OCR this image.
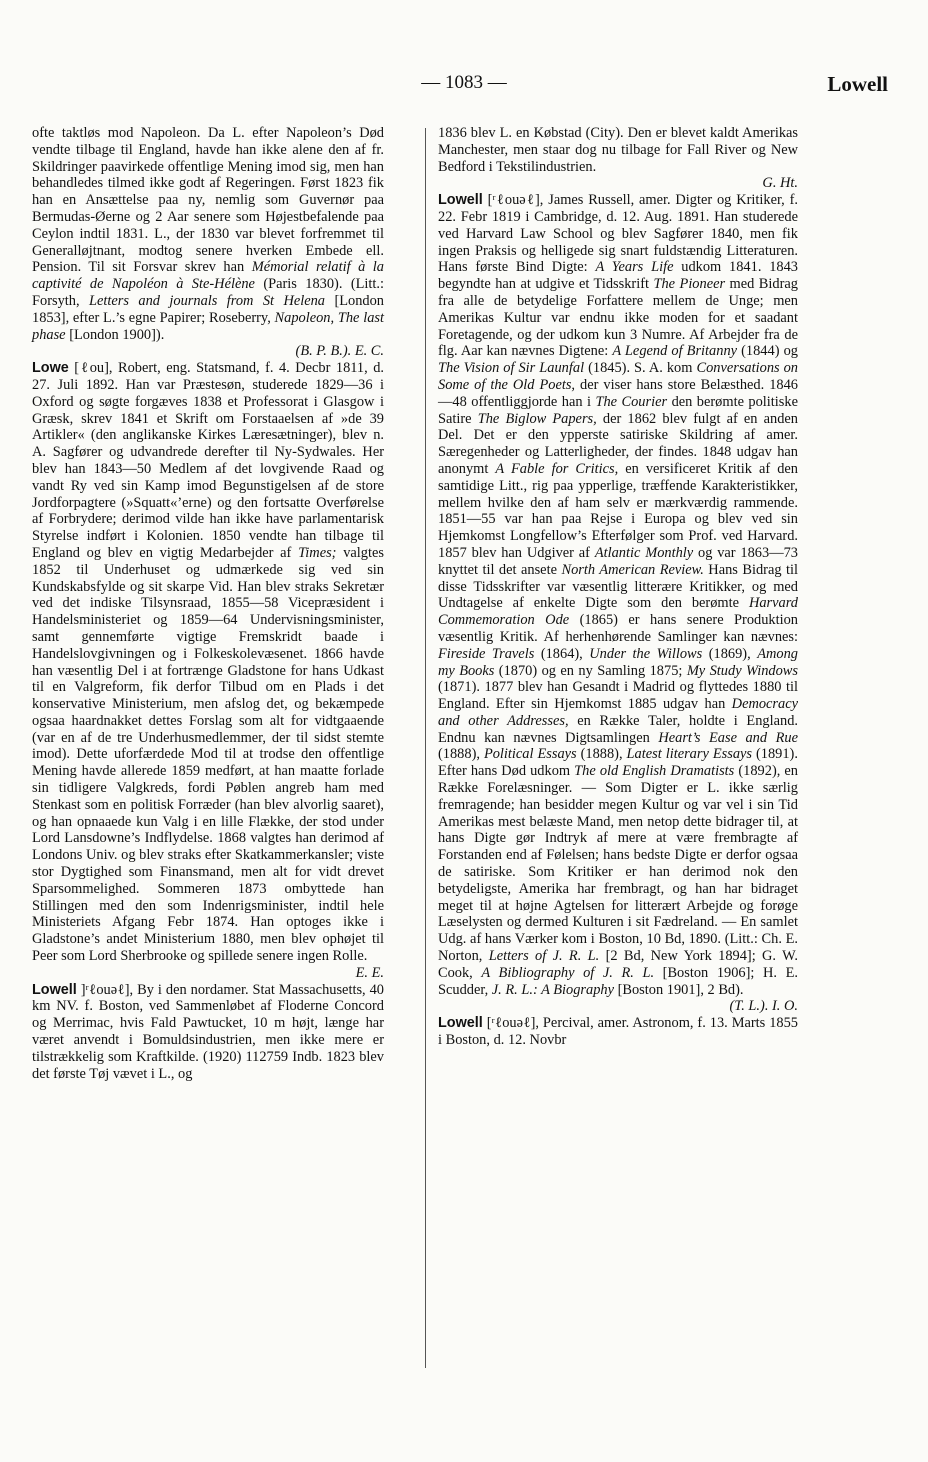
— 1083 —	Lowell

ofte taktløs mod Napoleon. Da L. efter Napoleon’s Død vendte tilbage til England, havde han ikke alene den af fr. Skildringer paavirkede offentlige Mening imod sig, men han behandledes tilmed ikke godt af Regeringen. Først 1823 fik han en Ansættelse paa ny, nemlig som Guvernør paa Bermudas-Øerne og 2 Aar senere som Højestbefalende paa Ceylon indtil 1831. L., der 1830 var blevet forfremmet til Generalløjtnant, modtog senere hverken Embede ell. Pension. Til sit Forsvar skrev han Mémorial relatif à la captivité de Napoléon à Ste-Hélène (Paris 1830). (Litt.: Forsyth, Letters and journals from St Helena [London 1853], efter L.’s egne Papirer; Roseberry, Napoleon, The last phase [London 1900]).

(B. P. B.). E. C.

Lowe [ℓou], Robert, eng. Statsmand, f. 4. Decbr 1811, d. 27. Juli 1892. Han var Præstesøn, studerede 1829—36 i Oxford og søgte forgæves 1838 et Professorat i Glasgow i Græsk, skrev 1841 et Skrift om Forstaaelsen af »de 39 Artikler« (den anglikanske Kirkes Læresætninger), blev n. A. Sagfører og udvandrede derefter til Ny-Sydwales. Her blev han 1843—50 Medlem af det lovgivende Raad og vandt Ry ved sin Kamp imod Begunstigelsen af de store Jordforpagtere (»Squatt«’erne) og den fortsatte Overførelse af Forbrydere; derimod vilde han ikke have parlamentarisk Styrelse indført i Kolonien. 1850 vendte han tilbage til England og blev en vigtig Medarbejder af Times; valgtes 1852 til Underhuset og udmærkede sig ved sin Kundskabsfylde og sit skarpe Vid. Han blev straks Sekretær ved det indiske Tilsynsraad, 1855—58 Vicepræsident i Handelsministeriet og 1859—64 Undervisningsminister, samt gennemførte vigtige Fremskridt baade i Handelslovgivningen og i Folkeskolevæsenet. 1866 havde han væsentlig Del i at fortrænge Gladstone for hans Udkast til en Valgreform, fik derfor Tilbud om en Plads i det konservative Ministerium, men afslog det, og bekæmpede ogsaa haardnakket dettes Forslag som alt for vidtgaaende (var en af de tre Underhusmedlemmer, der til sidst stemte imod). Dette uforfærdede Mod til at trodse den offentlige Mening havde allerede 1859 medført, at han maatte forlade sin tidligere Valgkreds, fordi Pøblen angreb ham med Stenkast som en politisk Forræder (han blev alvorlig saaret), og han opnaaede kun Valg i en lille Flække, der stod under Lord Lansdowne’s Indflydelse. 1868 valgtes han derimod af Londons Univ. og blev straks efter Skatkammerkansler; viste stor Dygtighed som Finansmand, men alt for vidt drevet Sparsommelighed. Sommeren 1873 ombyttede han Stillingen med den som Indenrigsminister, indtil hele Ministeriets Afgang Febr 1874. Han optoges ikke i Gladstone’s andet Ministerium 1880, men blev ophøjet til Peer som Lord Sherbrooke og spillede senere ingen Rolle.

E. E.

Lowell ]ʳℓouəℓ], By i den nordamer. Stat Massachusetts, 40 km NV. f. Boston, ved Sammenløbet af Floderne Concord og Merrimac, hvis Fald Pawtucket, 10 m højt, længe har været anvendt i Bomuldsindustrien, men ikke mere er tilstrækkelig som Kraftkilde. (1920) 112759 Indb. 1823 blev det første Tøj vævet i L., og

1836 blev L. en Købstad (City). Den er blevet kaldt Amerikas Manchester, men staar dog nu tilbage for Fall River og New Bedford i Tekstilindustrien.

G. Ht.

Lowell [ʳℓouəℓ], James Russell, amer. Digter og Kritiker, f. 22. Febr 1819 i Cambridge, d. 12. Aug. 1891. Han studerede ved Harvard Law School og blev Sagfører 1840, men fik ingen Praksis og helligede sig snart fuldstændig Litteraturen. Hans første Bind Digte: A Years Life udkom 1841. 1843 begyndte han at udgive et Tidsskrift The Pioneer med Bidrag fra alle de betydelige Forfattere mellem de Unge; men Amerikas Kultur var endnu ikke moden for et saadant Foretagende, og der udkom kun 3 Numre. Af Arbejder fra de flg. Aar kan nævnes Digtene: A Legend of Britanny (1844) og The Vision of Sir Launfal (1845). S. A. kom Conversations on Some of the Old Poets, der viser hans store Belæsthed. 1846—48 offentliggjorde han i The Courier den berømte politiske Satire The Biglow Papers, der 1862 blev fulgt af en anden Del. Det er den ypperste satiriske Skildring af amer. Særegenheder og Latterligheder, der findes. 1848 udgav han anonymt A Fable for Critics, en versificeret Kritik af den samtidige Litt., rig paa ypperlige, træffende Karakteristikker, mellem hvilke den af ham selv er mærkværdig rammende. 1851—55 var han paa Rejse i Europa og blev ved sin Hjemkomst Longfellow’s Efterfølger som Prof. ved Harvard. 1857 blev han Udgiver af Atlantic Monthly og var 1863—73 knyttet til det ansete North American Review. Hans Bidrag til disse Tidsskrifter var væsentlig litterære Kritikker, og med Undtagelse af enkelte Digte som den berømte Harvard Commemoration Ode (1865) er hans senere Produktion væsentlig Kritik. Af herhenhørende Samlinger kan nævnes: Fireside Travels (1864), Under the Willows (1869), Among my Books (1870) og en ny Samling 1875; My Study Windows (1871). 1877 blev han Gesandt i Madrid og flyttedes 1880 til England. Efter sin Hjemkomst 1885 udgav han Democracy and other Addresses, en Række Taler, holdte i England. Endnu kan nævnes Digtsamlingen Heart’s Ease and Rue (1888), Political Essays (1888), Latest literary Essays (1891). Efter hans Død udkom The old English Dramatists (1892), en Række Forelæsninger. — Som Digter er L. ikke særlig fremragende; han besidder megen Kultur og var vel i sin Tid Amerikas mest belæste Mand, men netop dette bidrager til, at hans Digte gør Indtryk af mere at være frembragte af Forstanden end af Følelsen; hans bedste Digte er derfor ogsaa de satiriske. Som Kritiker er han derimod nok den betydeligste, Amerika har frembragt, og han har bidraget meget til at højne Agtelsen for litterært Arbejde og forøge Læselysten og dermed Kulturen i sit Fædreland. — En samlet Udg. af hans Værker kom i Boston, 10 Bd, 1890. (Litt.: Ch. E. Norton, Letters of J. R. L. [2 Bd, New York 1894]; G. W. Cook, A Bibliography of J. R. L. [Boston 1906]; H. E. Scudder, J. R. L.: A Biography [Boston 1901], 2 Bd).

(T. L.). I. O.

Lowell [ʳℓouəℓ], Percival, amer. Astronom, f. 13. Marts 1855 i Boston, d. 12. Novbr
